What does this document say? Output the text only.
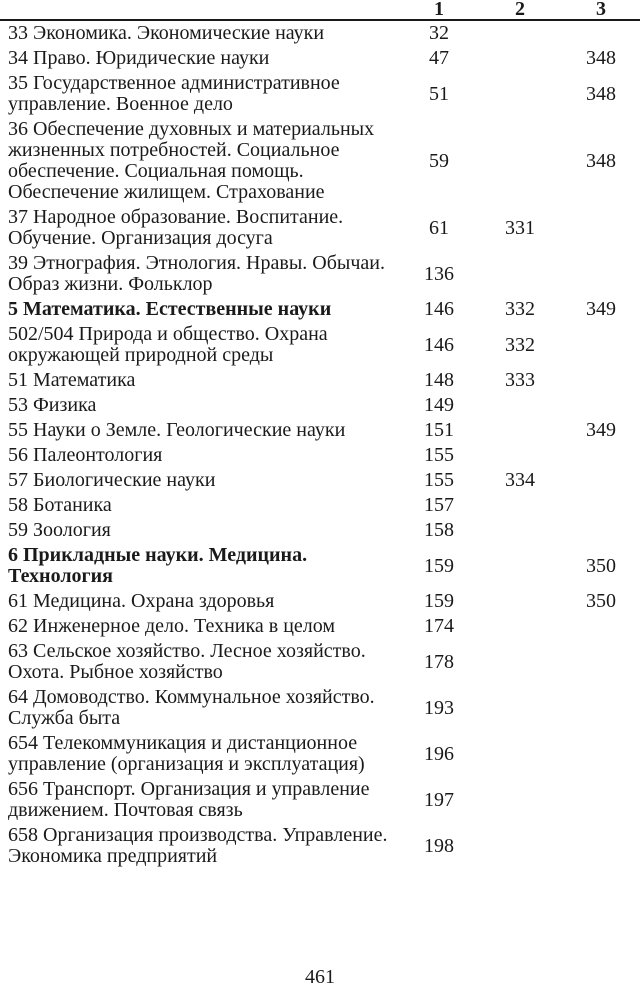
	1	2	3
33 Экономика. Экономические науки	32		
34 Право. Юридические науки	47		348
35 Государственное административное управление. Военное дело	51		348
36 Обеспечение духовных и материальных жизненных потребностей. Социальное обеспечение. Социальная помощь. Обеспечение жилищем. Страхование	59		348
37 Народное образование. Воспитание. Обучение. Организация досуга	61	331	
39 Этнография. Этнология. Нравы. Обычаи. Образ жизни. Фольклор	136		
5 Математика. Естественные науки	146	332	349
502/504 Природа и общество. Охрана окружающей природной среды	146	332	
51 Математика	148	333	
53 Физика	149		
55 Науки о Земле. Геологические науки	151		349
56 Палеонтология	155		
57 Биологические науки	155	334	
58 Ботаника	157		
59 Зоология	158		
6 Прикладные науки. Медицина. Технология	159		350
61 Медицина. Охрана здоровья	159		350
62 Инженерное дело. Техника в целом	174		
63 Сельское хозяйство. Лесное хозяйство. Охота. Рыбное хозяйство	178		
64 Домоводство. Коммунальное хозяйство. Служба быта	193		
654 Телекоммуникация и дистанционное управление (организация и эксплуатация)	196		
656 Транспорт. Организация и управление движением. Почтовая связь	197		
658 Организация производства. Управление. Экономика предприятий	198		
461
